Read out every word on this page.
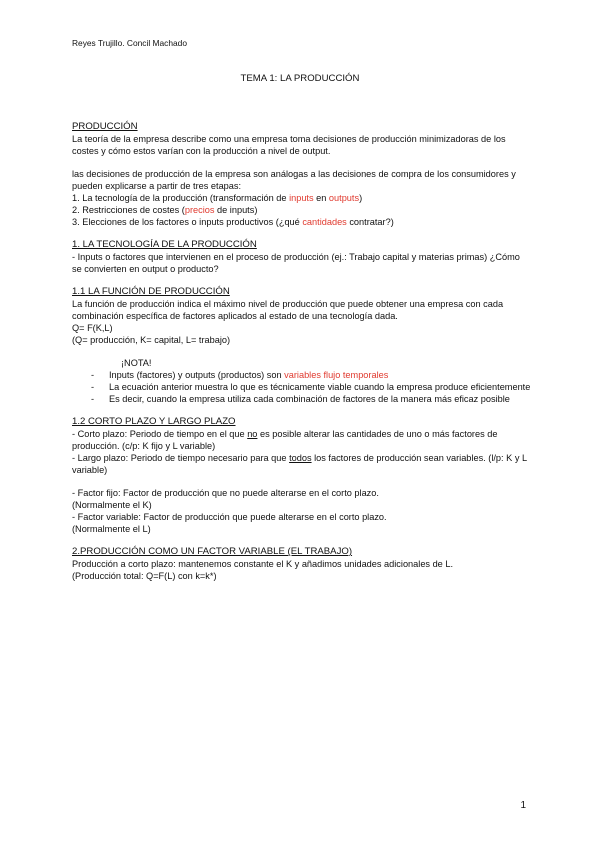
Reyes Trujillo. Concil Machado
TEMA 1: LA PRODUCCIÓN

PRODUCCIÓN

La teoría de la empresa describe como una empresa toma decisiones de producción minimizadoras de los costes y cómo estos varían con la producción a nivel de output.

las decisiones de producción de la empresa son análogas a las decisiones de compra de los consumidores y pueden explicarse a partir de tres etapas:

1. La tecnología de la producción (transformación de inputs en outputs)

2. Restricciones de costes (precios de inputs)

3. Elecciones de los factores o inputs productivos (¿qué cantidades contratar?)

1. LA TECNOLOGÍA DE LA PRODUCCIÓN

- Inputs o factores que intervienen en el proceso de producción (ej.: Trabajo capital y materias primas) ¿Cómo se convierten en output o producto?

1.1 LA FUNCIÓN DE PRODUCCIÓN

La función de producción indica el máximo nivel de producción que puede obtener una empresa con cada combinación específica de factores aplicados al estado de una tecnología dada.

Q= F(K,L)

(Q= producción, K= capital, L= trabajo)

¡NOTA!

- Inputs (factores) y outputs (productos) son variables flujo temporales
- La ecuación anterior muestra lo que es técnicamente viable cuando la empresa produce eficientemente
- Es decir, cuando la empresa utiliza cada combinación de factores de la manera más eficaz posible

1.2 CORTO PLAZO Y LARGO PLAZO

- Corto plazo: Periodo de tiempo en el que no es posible alterar las cantidades de uno o más factores de producción. (c/p: K fijo y L variable)

- Largo plazo: Periodo de tiempo necesario para que todos los factores de producción sean variables. (l/p: K y L variable)

- Factor fijo: Factor de producción que no puede alterarse en el corto plazo.

(Normalmente el K)

- Factor variable: Factor de producción que puede alterarse en el corto plazo.

(Normalmente el L)

2.PRODUCCIÓN COMO UN FACTOR VARIABLE (EL TRABAJO)

Producción a corto plazo: mantenemos constante el K y añadimos unidades adicionales de L.

(Producción total: Q=F(L) con k=k*)

1
